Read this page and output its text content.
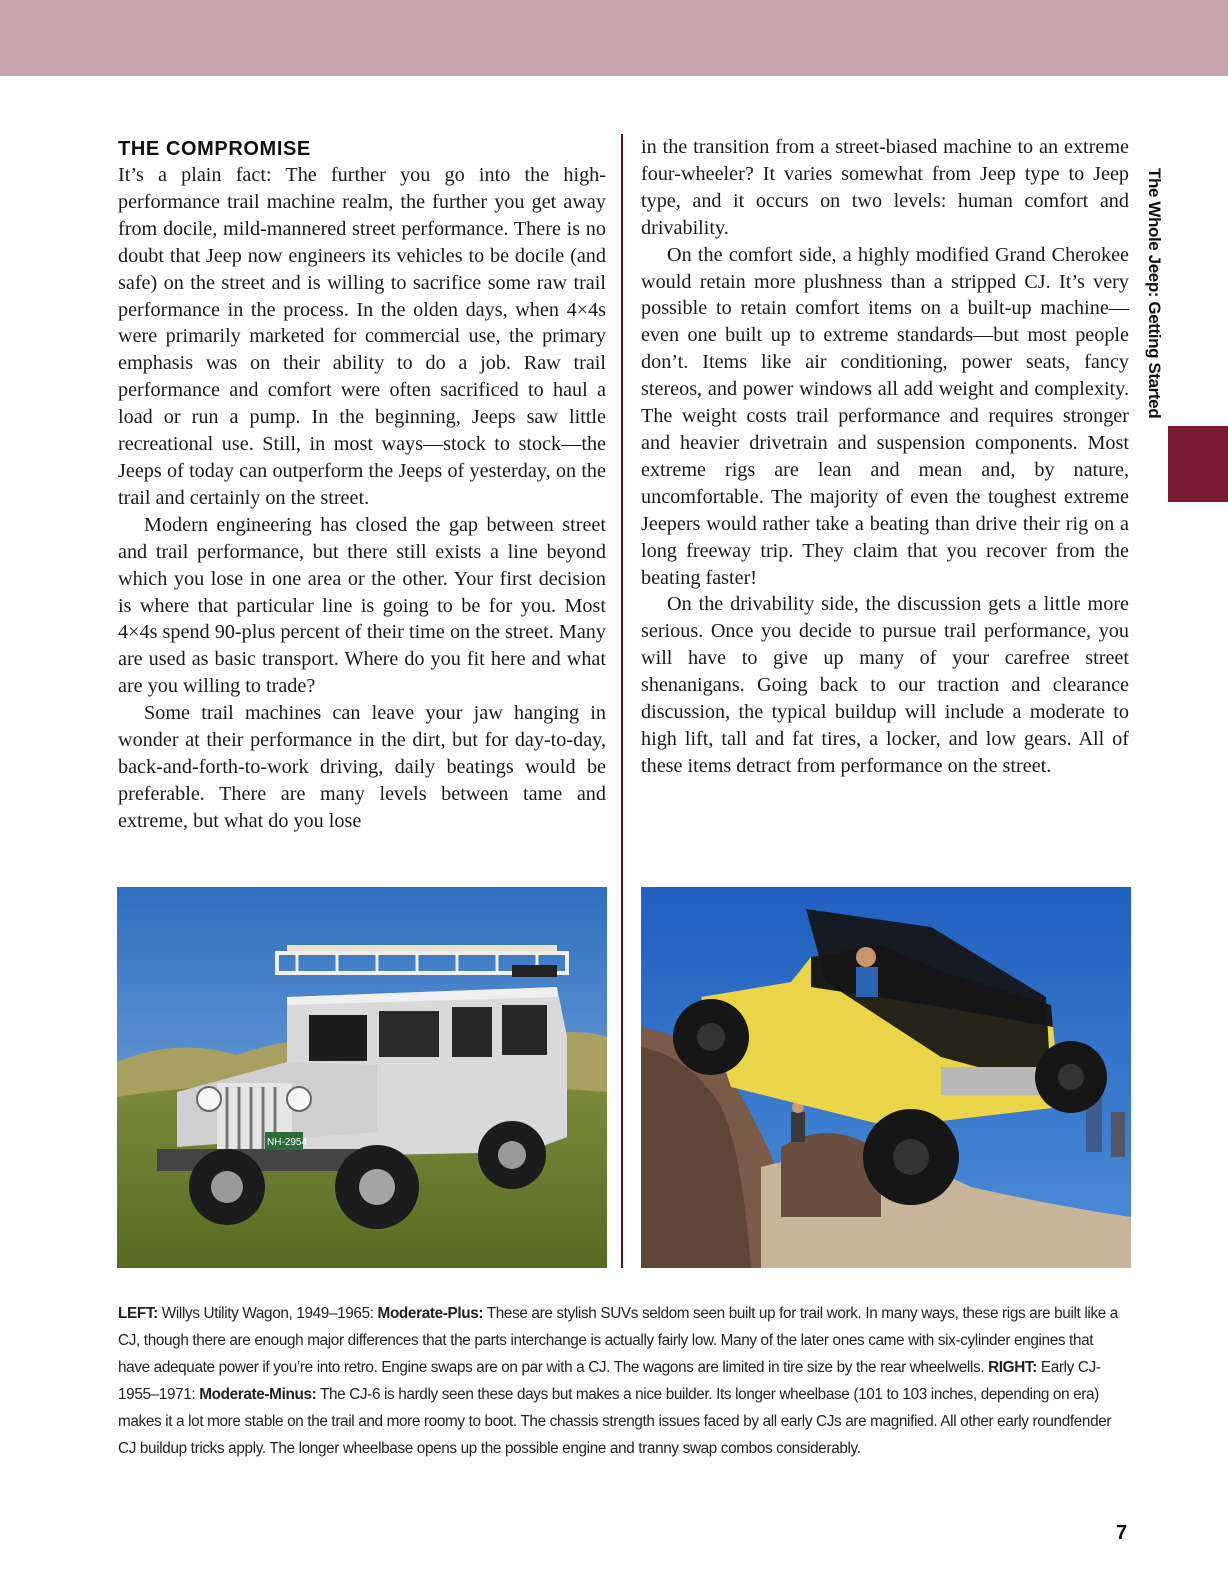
The Whole Jeep: Getting Started
THE COMPROMISE

It’s a plain fact: The further you go into the high-performance trail machine realm, the further you get away from docile, mild-mannered street performance. There is no doubt that Jeep now engineers its vehicles to be docile (and safe) on the street and is willing to sacrifice some raw trail performance in the process. In the olden days, when 4×4s were primarily marketed for commercial use, the primary emphasis was on their ability to do a job. Raw trail performance and comfort were often sacrificed to haul a load or run a pump. In the beginning, Jeeps saw little recreational use. Still, in most ways—stock to stock—the Jeeps of today can outperform the Jeeps of yesterday, on the trail and certainly on the street.

Modern engineering has closed the gap between street and trail performance, but there still exists a line beyond which you lose in one area or the other. Your first decision is where that particular line is going to be for you. Most 4×4s spend 90-plus percent of their time on the street. Many are used as basic transport. Where do you fit here and what are you willing to trade?

Some trail machines can leave your jaw hanging in wonder at their performance in the dirt, but for day-to-day, back-and-forth-to-work driving, daily beatings would be preferable. There are many levels between tame and extreme, but what do you lose

in the transition from a street-biased machine to an extreme four-wheeler? It varies somewhat from Jeep type to Jeep type, and it occurs on two levels: human comfort and drivability.

On the comfort side, a highly modified Grand Cherokee would retain more plushness than a stripped CJ. It’s very possible to retain comfort items on a built-up machine—even one built up to extreme standards—but most people don’t. Items like air conditioning, power seats, fancy stereos, and power windows all add weight and complexity. The weight costs trail performance and requires stronger and heavier drivetrain and suspension components. Most extreme rigs are lean and mean and, by nature, uncomfortable. The majority of even the toughest extreme Jeepers would rather take a beating than drive their rig on a long freeway trip. They claim that you recover from the beating faster!

On the drivability side, the discussion gets a little more serious. Once you decide to pursue trail performance, you will have to give up many of your carefree street shenanigans. Going back to our traction and clearance discussion, the typical buildup will include a moderate to high lift, tall and fat tires, a locker, and low gears. All of these items detract from performance on the street.

NH-2954
LEFT: Willys Utility Wagon, 1949–1965: Moderate-Plus: These are stylish SUVs seldom seen built up for trail work. In many ways, these rigs are built like a CJ, though there are enough major differences that the parts interchange is actually fairly low. Many of the later ones came with six-cylinder engines that have adequate power if you’re into retro. Engine swaps are on par with a CJ. The wagons are limited in tire size by the rear wheelwells. RIGHT: Early CJ- 1955–1971: Moderate-Minus: The CJ-6 is hardly seen these days but makes a nice builder. Its longer wheelbase (101 to 103 inches, depending on era) makes it a lot more stable on the trail and more roomy to boot. The chassis strength issues faced by all early CJs are magnified. All other early roundfender CJ buildup tricks apply. The longer wheelbase opens up the possible engine and tranny swap combos considerably.
7
